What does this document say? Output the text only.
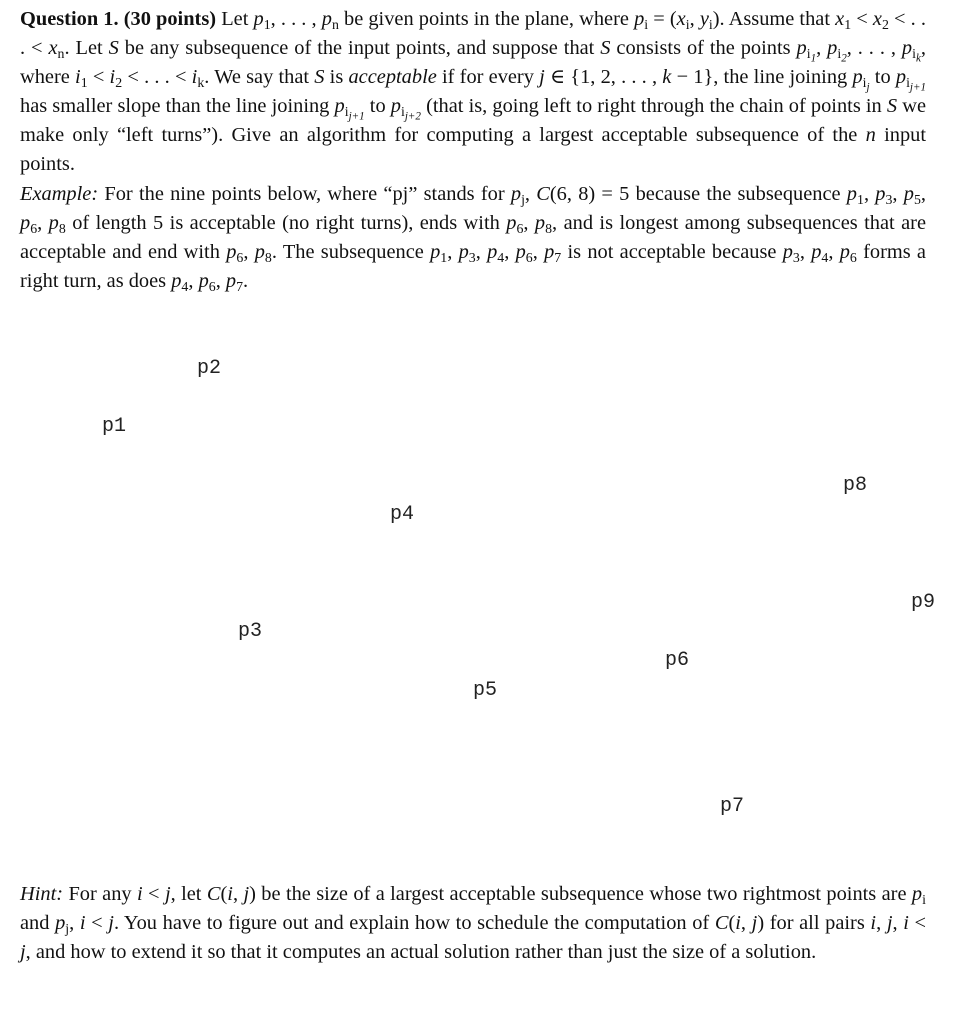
Question 1. (30 points) Let $p_1$, . . . , $p_n$ be given points in the plane, where $p_i = (x_i$, $y_i$). Assume that $x_1 < x_2$ < . . . < $x_n$. Let S be any subsequence of the input points, and suppose that S consists of the points $p_{i_1}$, $p_{i_2}$, . . . , $p_{i_k}$, where $i_1 < i_2$ < . . . < $i_k$. We say that S is acceptable if for every j ∈ {1, 2, . . . , k − 1}, the line joining $p_{i_j}$ to $p_{i_{j+1}}$ has smaller slope than the line joining $p_{i_{j+1}}$ to $p_{i_{j+2}}$ (that is, going left to right through the chain of points in S we make only “left turns”). Give an algorithm for computing a largest acceptable subsequence of the n input points.
Example: For the nine points below, where “pj” stands for $p_j$, C(6, 8) = 5 because the subsequence $p_1$, $p_3$, $p_5$, $p_6$, $p_8$ of length 5 is acceptable (no right turns), ends with $p_6$, $p_8$, and is longest among subsequences that are acceptable and end with $p_6$, $p_8$. The subsequence $p_1$, $p_3$, $p_4$, $p_6$, $p_7$ is not acceptable because $p_3$, $p_4$, $p_6$ forms a right turn, as does $p_4$, $p_6$, $p_7$.
p1
p2
p3
p4
p5
p6
p7
p8
p9
Hint: For any i < j, let C(i, j) be the size of a largest acceptable subsequence whose two rightmost points are $p_i$ and $p_j$, i < j. You have to figure out and explain how to schedule the computation of C(i, j) for all pairs i, j, i < j, and how to extend it so that it computes an actual solution rather than just the size of a solution.
